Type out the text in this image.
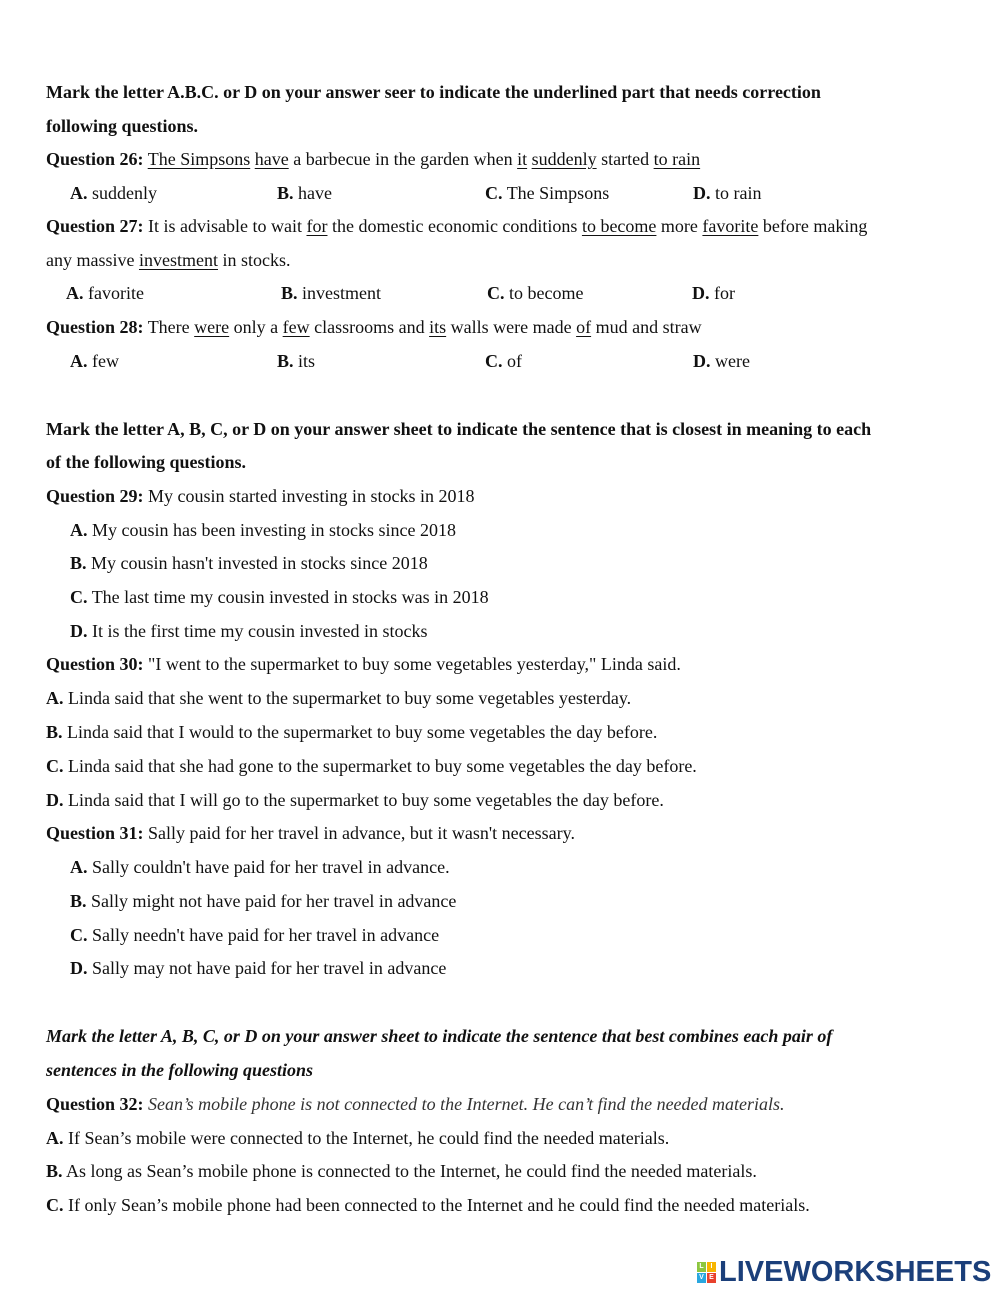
Mark the letter A.B.C. or D on your answer seer to indicate the underlined part that needs correction
following questions.
Question 26: The Simpsons have a barbecue in the garden when it suddenly started to rain
A. suddenly	B. have	C. The Simpsons	D. to rain
Question 27: It is advisable to wait for the domestic economic conditions to become more favorite before making
any massive investment in stocks.
A. favorite	B. investment	C. to become	D. for
Question 28: There were only a few classrooms and its walls were made of mud and straw
A. few	B. its	C. of	D. were
Mark the letter A, B, C, or D on your answer sheet to indicate the sentence that is closest in meaning to each
of the following questions.
Question 29: My cousin started investing in stocks in 2018
A. My cousin has been investing in stocks since 2018
B. My cousin hasn't invested in stocks since 2018
C. The last time my cousin invested in stocks was in 2018
D. It is the first time my cousin invested in stocks
Question 30: "I went to the supermarket to buy some vegetables yesterday," Linda said.
A. Linda said that she went to the supermarket to buy some vegetables yesterday.
B. Linda said that I would to the supermarket to buy some vegetables the day before.
C. Linda said that she had gone to the supermarket to buy some vegetables the day before.
D. Linda said that I will go to the supermarket to buy some vegetables the day before.
Question 31: Sally paid for her travel in advance, but it wasn't necessary.
A. Sally couldn't have paid for her travel in advance.
B. Sally might not have paid for her travel in advance
C. Sally needn't have paid for her travel in advance
D. Sally may not have paid for her travel in advance
Mark the letter A, B, C, or D on your answer sheet to indicate the sentence that best combines each pair of
sentences in the following questions
Question 32: Sean’s mobile phone is not connected to the Internet. He can’t find the needed materials.
A. If Sean’s mobile were connected to the Internet, he could find the needed materials.
B. As long as Sean’s mobile phone is connected to the Internet, he could find the needed materials.
C. If only Sean’s mobile phone had been connected to the Internet and he could find the needed materials.
L I
V E LIVEWORKSHEETS
